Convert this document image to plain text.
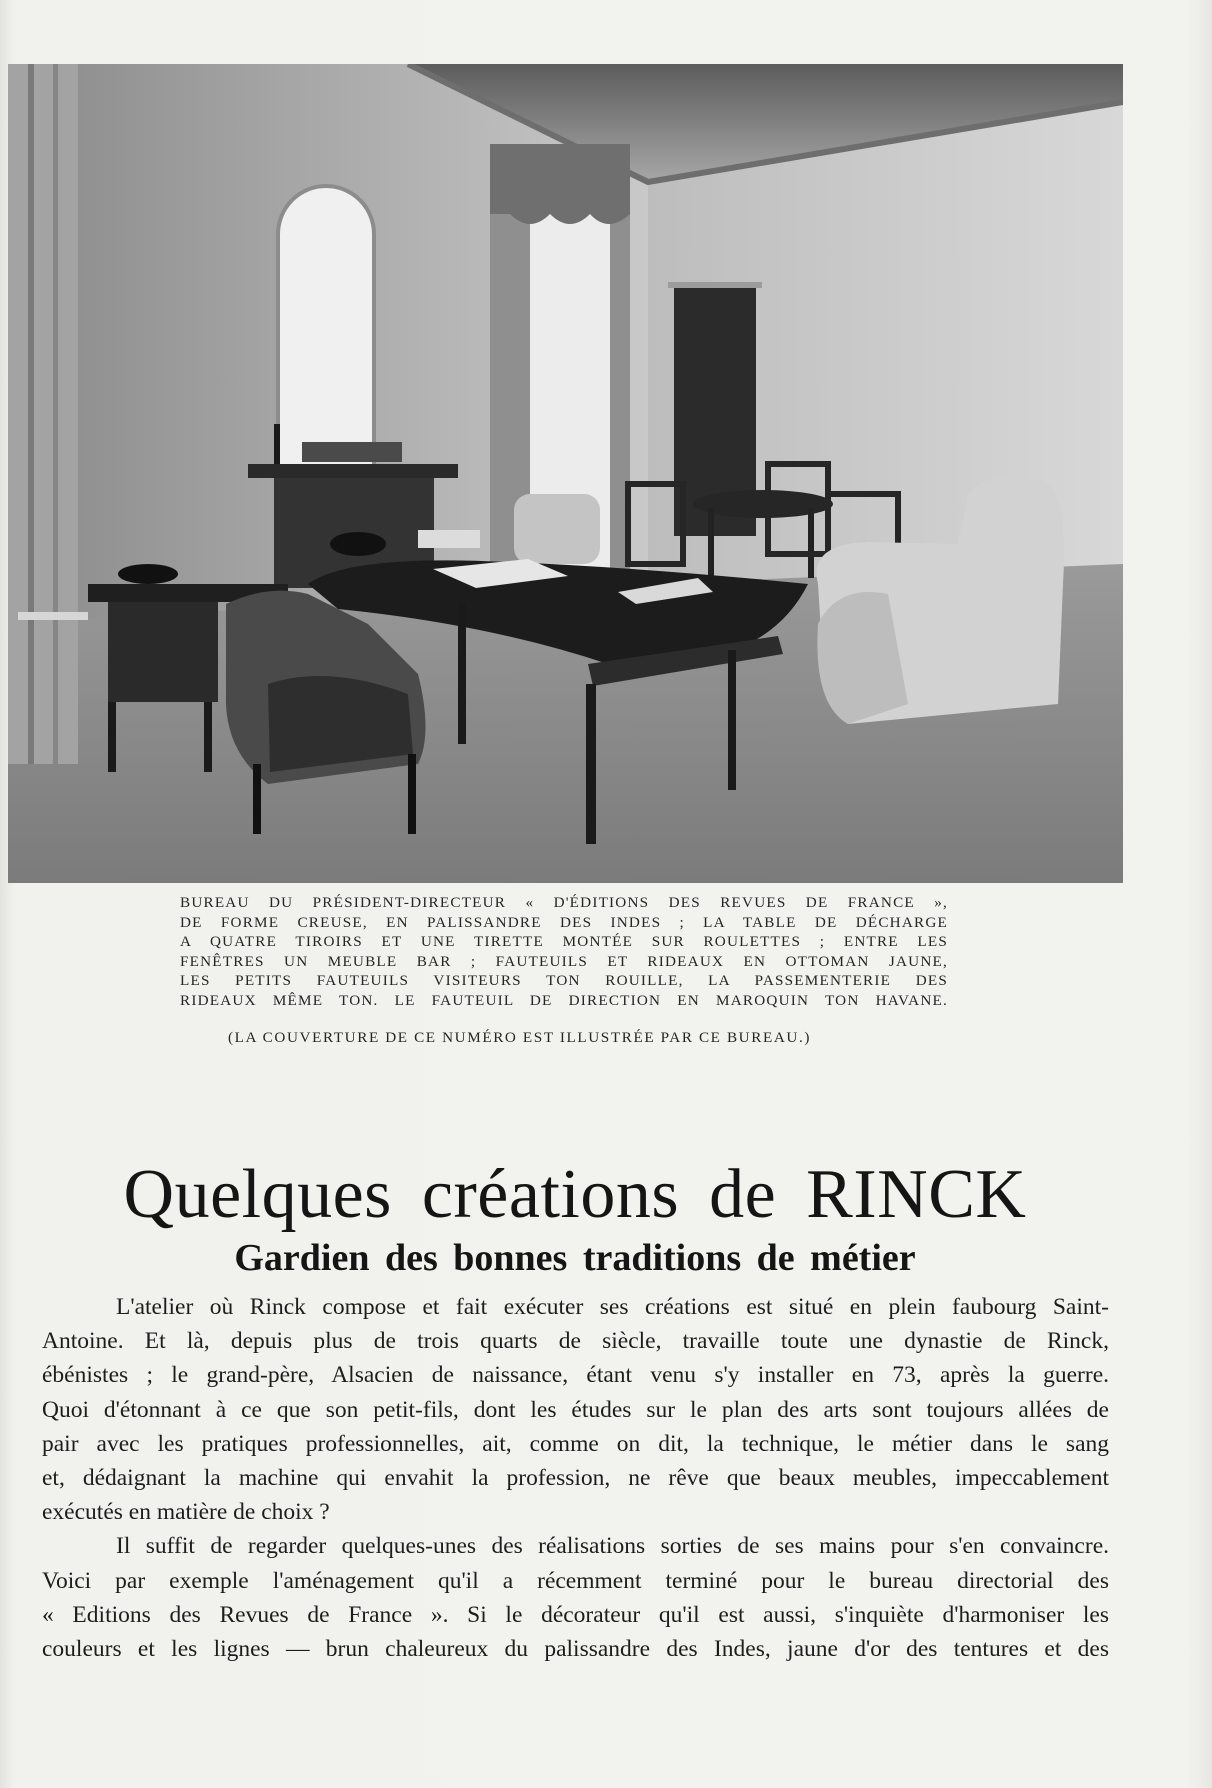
BUREAU DU PRÉSIDENT-DIRECTEUR « D'ÉDITIONS DES REVUES DE FRANCE »,
DE FORME CREUSE, EN PALISSANDRE DES INDES ; LA TABLE DE DÉCHARGE
A QUATRE TIROIRS ET UNE TIRETTE MONTÉE SUR ROULETTES ; ENTRE LES
FENÊTRES UN MEUBLE BAR ; FAUTEUILS ET RIDEAUX EN OTTOMAN JAUNE,
LES PETITS FAUTEUILS VISITEURS TON ROUILLE, LA PASSEMENTERIE DES
RIDEAUX MÊME TON. LE FAUTEUIL DE DIRECTION EN MAROQUIN TON HAVANE.
(LA COUVERTURE DE CE NUMÉRO EST ILLUSTRÉE PAR CE BUREAU.)
Quelques créations de RINCK
Gardien des bonnes traditions de métier
L'atelier où Rinck compose et fait exécuter ses créations est situé en plein faubourg Saint-
Antoine. Et là, depuis plus de trois quarts de siècle, travaille toute une dynastie de Rinck,
ébénistes ; le grand-père, Alsacien de naissance, étant venu s'y installer en 73, après la guerre.
Quoi d'étonnant à ce que son petit-fils, dont les études sur le plan des arts sont toujours allées de
pair avec les pratiques professionnelles, ait, comme on dit, la technique, le métier dans le sang
et, dédaignant la machine qui envahit la profession, ne rêve que beaux meubles, impeccablement
exécutés en matière de choix ?
Il suffit de regarder quelques-unes des réalisations sorties de ses mains pour s'en convaincre.
Voici par exemple l'aménagement qu'il a récemment terminé pour le bureau directorial des
« Editions des Revues de France ». Si le décorateur qu'il est aussi, s'inquiète d'harmoniser les
couleurs et les lignes — brun chaleureux du palissandre des Indes, jaune d'or des tentures et des
